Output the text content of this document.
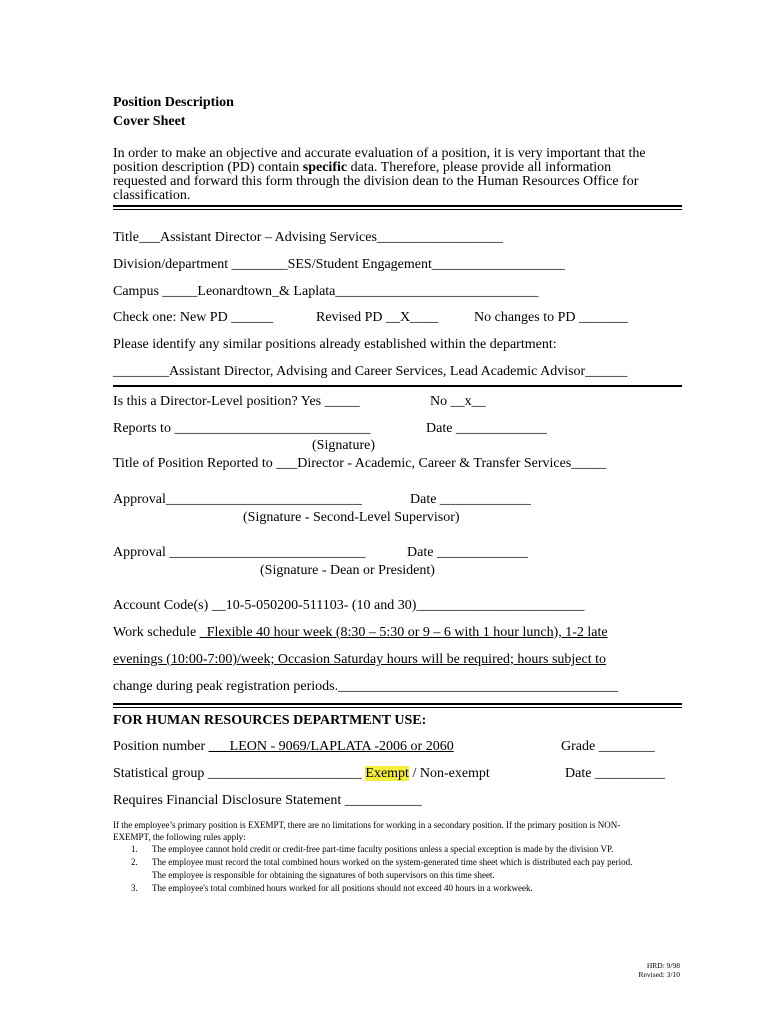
Position Description
Cover Sheet
In order to make an objective and accurate evaluation of a position, it is very important that the
position description (PD) contain specific data. Therefore, please provide all information
requested and forward this form through the division dean to the Human Resources Office for
classification.
Title___Assistant Director – Advising Services__________________
Division/department ________SES/Student Engagement___________________
Campus _____Leonardtown_& Laplata_____________________________
Check one: New PD ______	Revised PD __X____	No changes to PD _______
Please identify any similar positions already established within the department:
________Assistant Director, Advising and Career Services, Lead Academic Advisor______
Is this a Director-Level position? Yes _____	No __x__
Reports to ____________________________	Date _____________
(Signature)
Title of Position Reported to ___Director - Academic, Career & Transfer Services_____
Approval____________________________	Date _____________
(Signature - Second-Level Supervisor)
Approval ____________________________	Date _____________
(Signature - Dean or President)
Account Code(s) __10-5-050200-511103- (10 and 30)________________________
Work schedule _Flexible 40 hour week (8:30 – 5:30 or 9 – 6 with 1 hour lunch), 1-2 late
evenings (10:00-7:00)/week; Occasion Saturday hours will be required; hours subject to
change during peak registration periods.________________________________________
FOR HUMAN RESOURCES DEPARTMENT USE:
Position number ___LEON - 9069/LAPLATA -2006 or 2060	Grade ________
Statistical group ______________________ Exempt / Non-exempt	Date __________
Requires Financial Disclosure Statement ___________
If the employee’s primary position is EXEMPT, there are no limitations for working in a secondary position. If the primary position is NON-
EXEMPT, the following rules apply:
1. The employee cannot hold credit or credit-free part-time faculty positions unless a special exception is made by the division VP.
2. The employee must record the total combined hours worked on the system-generated time sheet which is distributed each pay period.
The employee is responsible for obtaining the signatures of both supervisors on this time sheet.
3. The employee's total combined hours worked for all positions should not exceed 40 hours in a workweek.
HRD: 9/98
Revised: 3/10
